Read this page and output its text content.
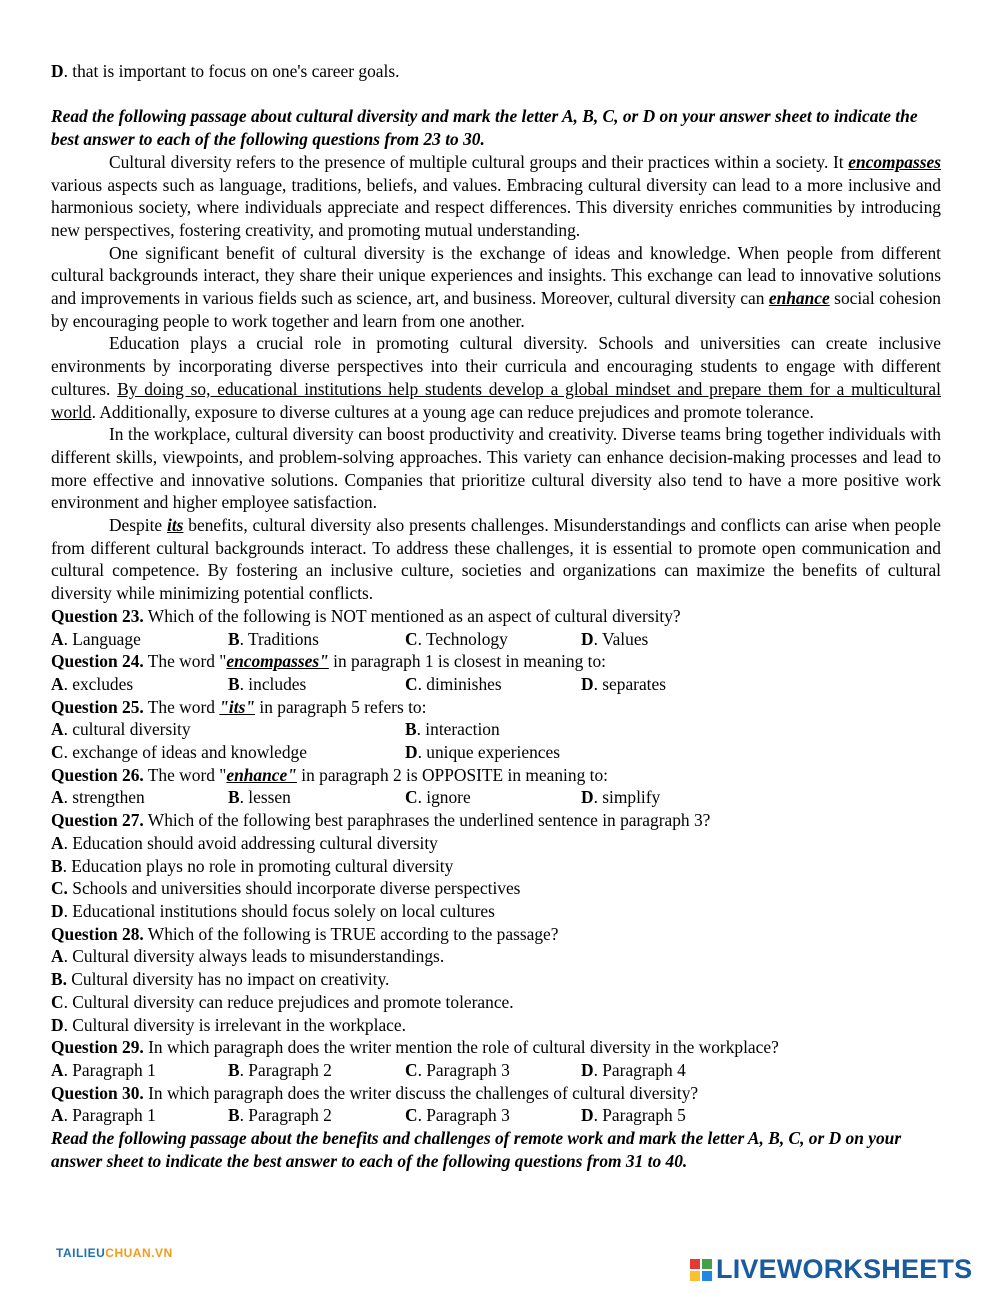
D. that is important to focus on one's career goals.
Read the following passage about cultural diversity and mark the letter A, B, C, or D on your answer sheet to indicate the best answer to each of the following questions from 23 to 30.
Cultural diversity refers to the presence of multiple cultural groups and their practices within a society. It encompasses various aspects such as language, traditions, beliefs, and values. Embracing cultural diversity can lead to a more inclusive and harmonious society, where individuals appreciate and respect differences. This diversity enriches communities by introducing new perspectives, fostering creativity, and promoting mutual understanding.
One significant benefit of cultural diversity is the exchange of ideas and knowledge. When people from different cultural backgrounds interact, they share their unique experiences and insights. This exchange can lead to innovative solutions and improvements in various fields such as science, art, and business. Moreover, cultural diversity can enhance social cohesion by encouraging people to work together and learn from one another.
Education plays a crucial role in promoting cultural diversity. Schools and universities can create inclusive environments by incorporating diverse perspectives into their curricula and encouraging students to engage with different cultures. By doing so, educational institutions help students develop a global mindset and prepare them for a multicultural world. Additionally, exposure to diverse cultures at a young age can reduce prejudices and promote tolerance.
In the workplace, cultural diversity can boost productivity and creativity. Diverse teams bring together individuals with different skills, viewpoints, and problem-solving approaches. This variety can enhance decision-making processes and lead to more effective and innovative solutions. Companies that prioritize cultural diversity also tend to have a more positive work environment and higher employee satisfaction.
Despite its benefits, cultural diversity also presents challenges. Misunderstandings and conflicts can arise when people from different cultural backgrounds interact. To address these challenges, it is essential to promote open communication and cultural competence. By fostering an inclusive culture, societies and organizations can maximize the benefits of cultural diversity while minimizing potential conflicts.
Question 23. Which of the following is NOT mentioned as an aspect of cultural diversity?
A. Language	B. Traditions	C. Technology	D. Values
Question 24. The word "encompasses" in paragraph 1 is closest in meaning to:
A. excludes	B. includes	C. diminishes	D. separates
Question 25. The word "its" in paragraph 5 refers to:
A. cultural diversity	B. interaction
C. exchange of ideas and knowledge	D. unique experiences
Question 26. The word "enhance" in paragraph 2 is OPPOSITE in meaning to:
A. strengthen	B. lessen	C. ignore	D. simplify
Question 27. Which of the following best paraphrases the underlined sentence in paragraph 3?
A. Education should avoid addressing cultural diversity
B. Education plays no role in promoting cultural diversity
C. Schools and universities should incorporate diverse perspectives
D. Educational institutions should focus solely on local cultures
Question 28. Which of the following is TRUE according to the passage?
A. Cultural diversity always leads to misunderstandings.
B. Cultural diversity has no impact on creativity.
C. Cultural diversity can reduce prejudices and promote tolerance.
D. Cultural diversity is irrelevant in the workplace.
Question 29. In which paragraph does the writer mention the role of cultural diversity in the workplace?
A. Paragraph 1	B. Paragraph 2	C. Paragraph 3	D. Paragraph 4
Question 30. In which paragraph does the writer discuss the challenges of cultural diversity?
A. Paragraph 1	B. Paragraph 2	C. Paragraph 3	D. Paragraph 5
Read the following passage about the benefits and challenges of remote work and mark the letter A, B, C, or D on your answer sheet to indicate the best answer to each of the following questions from 31 to 40.
TAILIEUCHUAN.VN
LIVEWORKSHEETS
